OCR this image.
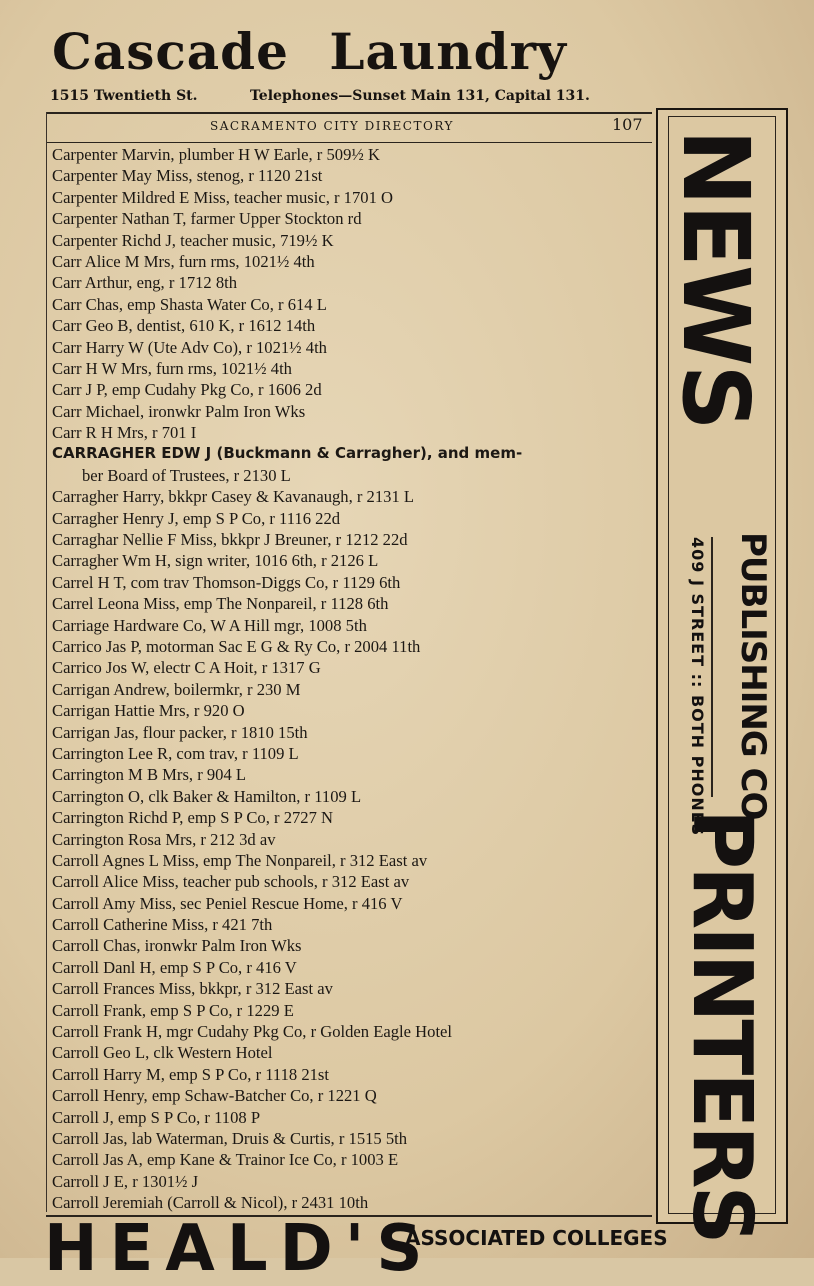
Cascade Laundry
1515 Twentieth St.	Telephones—Sunset Main 131, Capital 131.
SACRAMENTO CITY DIRECTORY	107
Carpenter Marvin, plumber H W Earle, r 509½ K
Carpenter May Miss, stenog, r 1120 21st
Carpenter Mildred E Miss, teacher music, r 1701 O
Carpenter Nathan T, farmer Upper Stockton rd
Carpenter Richd J, teacher music, 719½ K
Carr Alice M Mrs, furn rms, 1021½ 4th
Carr Arthur, eng, r 1712 8th
Carr Chas, emp Shasta Water Co, r 614 L
Carr Geo B, dentist, 610 K, r 1612 14th
Carr Harry W (Ute Adv Co), r 1021½ 4th
Carr H W Mrs, furn rms, 1021½ 4th
Carr J P, emp Cudahy Pkg Co, r 1606 2d
Carr Michael, ironwkr Palm Iron Wks
Carr R H Mrs, r 701 I
CARRAGHER EDW J (Buckmann & Carragher), and mem-
ber Board of Trustees, r 2130 L
Carragher Harry, bkkpr Casey & Kavanaugh, r 2131 L
Carragher Henry J, emp S P Co, r 1116 22d
Carraghar Nellie F Miss, bkkpr J Breuner, r 1212 22d
Carragher Wm H, sign writer, 1016 6th, r 2126 L
Carrel H T, com trav Thomson-Diggs Co, r 1129 6th
Carrel Leona Miss, emp The Nonpareil, r 1128 6th
Carriage Hardware Co, W A Hill mgr, 1008 5th
Carrico Jas P, motorman Sac E G & Ry Co, r 2004 11th
Carrico Jos W, electr C A Hoit, r 1317 G
Carrigan Andrew, boilermkr, r 230 M
Carrigan Hattie Mrs, r 920 O
Carrigan Jas, flour packer, r 1810 15th
Carrington Lee R, com trav, r 1109 L
Carrington M B Mrs, r 904 L
Carrington O, clk Baker & Hamilton, r 1109 L
Carrington Richd P, emp S P Co, r 2727 N
Carrington Rosa Mrs, r 212 3d av
Carroll Agnes L Miss, emp The Nonpareil, r 312 East av
Carroll Alice Miss, teacher pub schools, r 312 East av
Carroll Amy Miss, sec Peniel Rescue Home, r 416 V
Carroll Catherine Miss, r 421 7th
Carroll Chas, ironwkr Palm Iron Wks
Carroll Danl H, emp S P Co, r 416 V
Carroll Frances Miss, bkkpr, r 312 East av
Carroll Frank, emp S P Co, r 1229 E
Carroll Frank H, mgr Cudahy Pkg Co, r Golden Eagle Hotel
Carroll Geo L, clk Western Hotel
Carroll Harry M, emp S P Co, r 1118 21st
Carroll Henry, emp Schaw-Batcher Co, r 1221 Q
Carroll J, emp S P Co, r 1108 P
Carroll Jas, lab Waterman, Druis & Curtis, r 1515 5th
Carroll Jas A, emp Kane & Trainor Ice Co, r 1003 E
Carroll J E, r 1301½ J
Carroll Jeremiah (Carroll & Nicol), r 2431 10th
NEWS
PUBLISHING CO.
409 J STREET :: BOTH PHONES
PRINTERS
HEALD'S
ASSOCIATED COLLEGES
